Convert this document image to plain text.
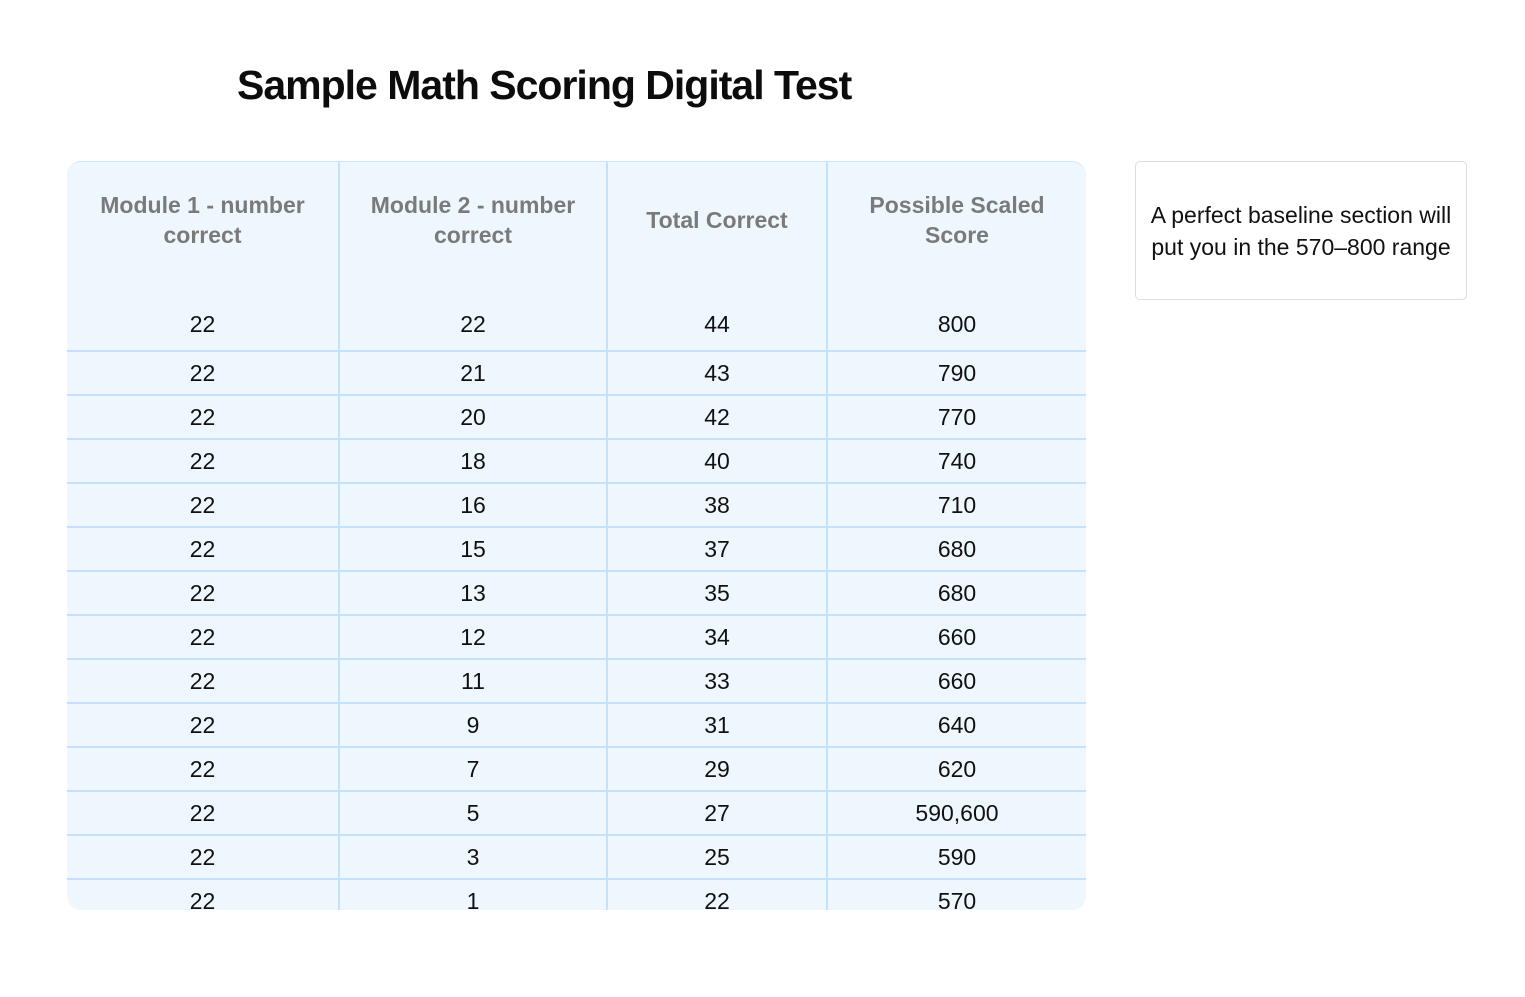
Sample Math Scoring Digital Test
Module 1 - number correct	Module 2 - number correct	Total Correct	Possible Scaled Score
22	22	44	800
22	21	43	790
22	20	42	770
22	18	40	740
22	16	38	710
22	15	37	680
22	13	35	680
22	12	34	660
22	11	33	660
22	9	31	640
22	7	29	620
22	5	27	590,600
22	3	25	590
22	1	22	570
A perfect baseline section will put you in the 570–800 range
